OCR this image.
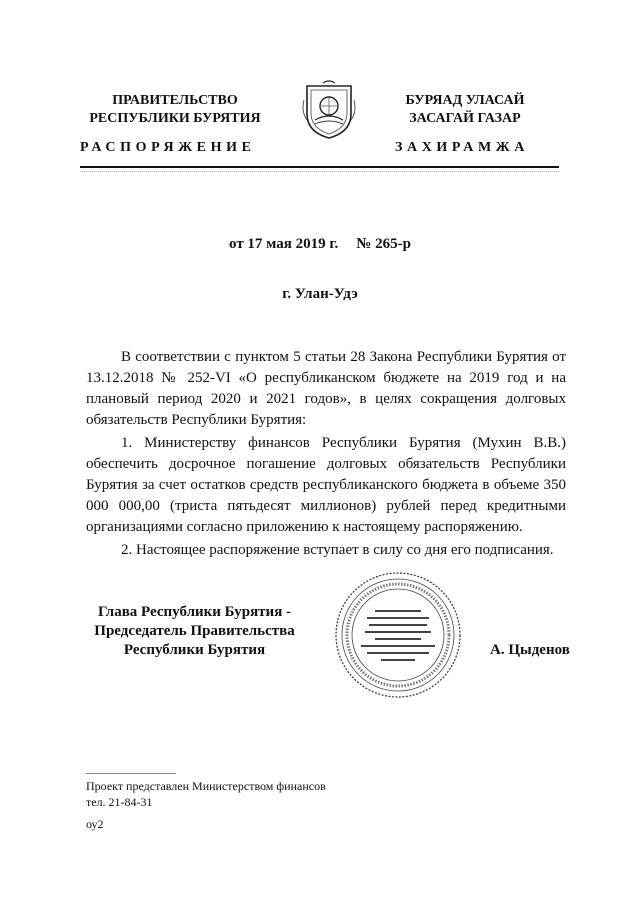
ПРАВИТЕЛЬСТВО
РЕСПУБЛИКИ БУРЯТИЯ
БУРЯАД УЛАСАЙ
ЗАСАГАЙ ГАЗАР
РАСПОРЯЖЕНИЕ	ЗАХИРАМЖА
от 17 мая 2019 г. № 265-р
г. Улан-Удэ
В соответствии с пунктом 5 статьи 28 Закона Республики Бурятия от 13.12.2018 № 252-VI «О республиканском бюджете на 2019 год и на плановый период 2020 и 2021 годов», в целях сокращения долговых обязательств Республики Бурятия:
1. Министерству финансов Республики Бурятия (Мухин В.В.) обеспечить досрочное погашение долговых обязательств Республики Бурятия за счет остатков средств республиканского бюджета в объеме 350 000 000,00 (триста пятьдесят миллионов) рублей перед кредитными организациями согласно приложению к настоящему распоряжению.
2. Настоящее распоряжение вступает в силу со дня его подписания.
Глава Республики Бурятия -
Председатель Правительства
Республики Бурятия	А. Цыденов
Проект представлен Министерством финансов
тел. 21-84-31
оу2
